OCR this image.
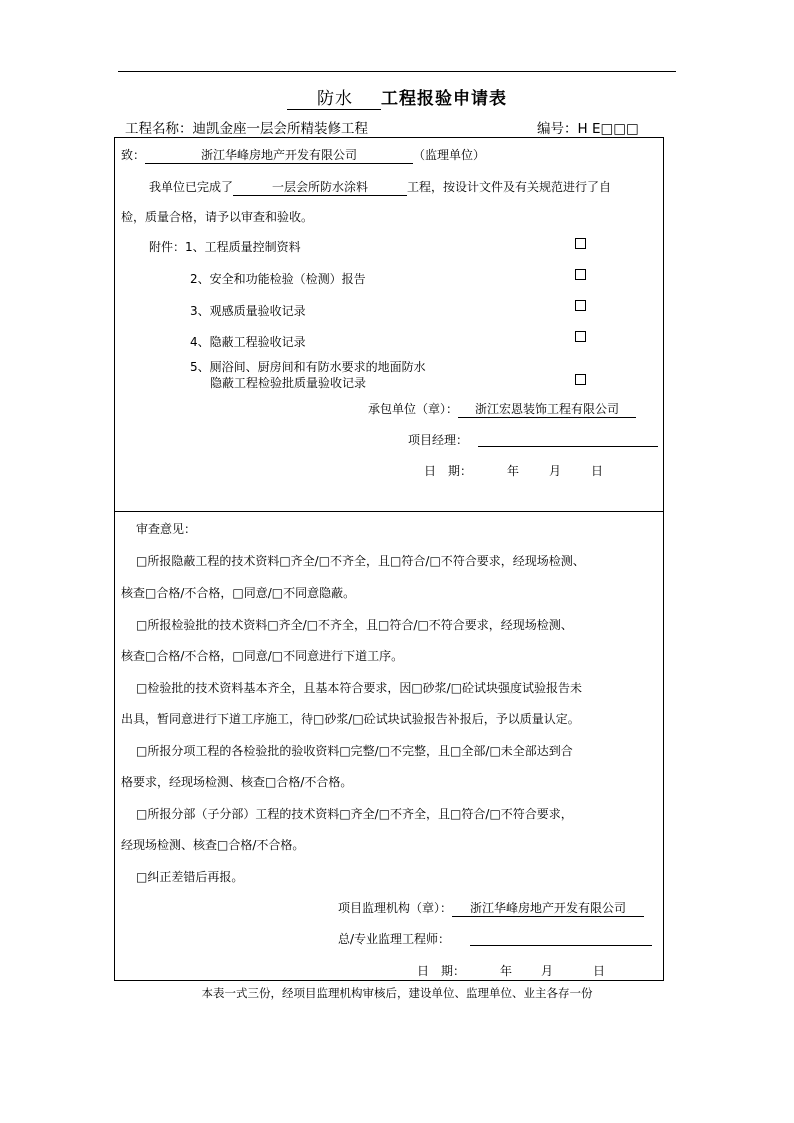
防水 工程报验申请表
工程名称：迪凯金座一层会所精装修工程	编号：H E□□□
致：	浙江华峰房地产开发有限公司	（监理单位）
我单位已完成了	一层会所防水涂料	工程，按设计文件及有关规范进行了自
检，质量合格，请予以审查和验收。
附件：1、工程质量控制资料
2、安全和功能检验（检测）报告
3、观感质量验收记录
4、隐蔽工程验收记录
5、厕浴间、厨房间和有防水要求的地面防水
隐蔽工程检验批质量验收记录
承包单位（章）： 浙江宏恩装饰工程有限公司
项目经理：
日　期：	年 月 日
审查意见：
□所报隐蔽工程的技术资料□齐全/□不齐全，且□符合/□不符合要求，经现场检测、
核查□合格/不合格，□同意/□不同意隐蔽。
□所报检验批的技术资料□齐全/□不齐全，且□符合/□不符合要求，经现场检测、
核查□合格/不合格，□同意/□不同意进行下道工序。
□检验批的技术资料基本齐全，且基本符合要求，因□砂浆/□砼试块强度试验报告未
出具，暂同意进行下道工序施工，待□砂浆/□砼试块试验报告补报后，予以质量认定。
□所报分项工程的各检验批的验收资料□完整/□不完整，且□全部/□未全部达到合
格要求，经现场检测、核查□合格/不合格。
□所报分部（子分部）工程的技术资料□齐全/□不齐全，且□符合/□不符合要求，
经现场检测、核查□合格/不合格。
□纠正差错后再报。
项目监理机构（章）： 浙江华峰房地产开发有限公司
总/专业监理工程师：
日　期：	年 月	日
本表一式三份，经项目监理机构审核后，建设单位、监理单位、业主各存一份
